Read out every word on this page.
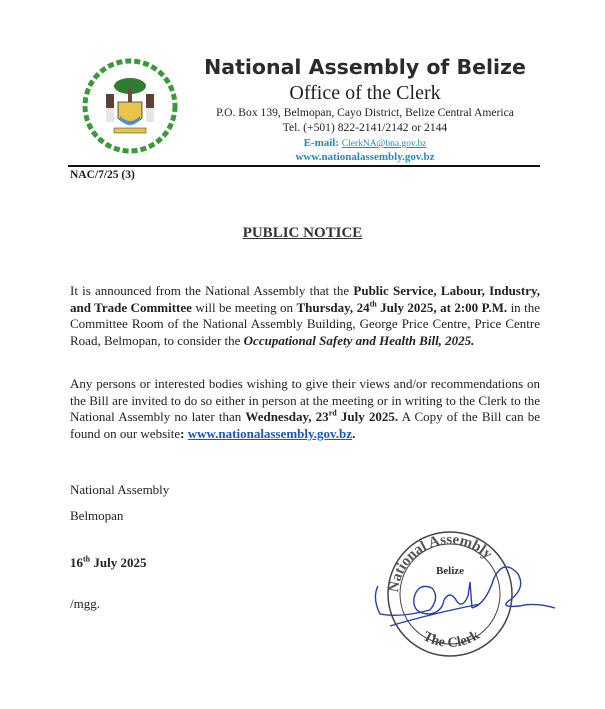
National Assembly of Belize
Office of the Clerk
P.O. Box 139, Belmopan, Cayo District, Belize Central America
Tel. (+501) 822-2141/2142 or 2144
E-mail: ClerkNA@bna.gov.bz
www.nationalassembly.gov.bz
NAC/7/25 (3)
PUBLIC NOTICE
It is announced from the National Assembly that the Public Service, Labour, Industry, and Trade Committee will be meeting on Thursday, 24th July 2025, at 2:00 P.M. in the Committee Room of the National Assembly Building, George Price Centre, Price Centre Road, Belmopan, to consider the Occupational Safety and Health Bill, 2025.
Any persons or interested bodies wishing to give their views and/or recommendations on the Bill are invited to do so either in person at the meeting or in writing to the Clerk to the National Assembly no later than Wednesday, 23rd July 2025. A Copy of the Bill can be found on our website: www.nationalassembly.gov.bz.
National Assembly
Belmopan
16th July 2025
/mgg.
National Assembly
Belize
The Clerk
